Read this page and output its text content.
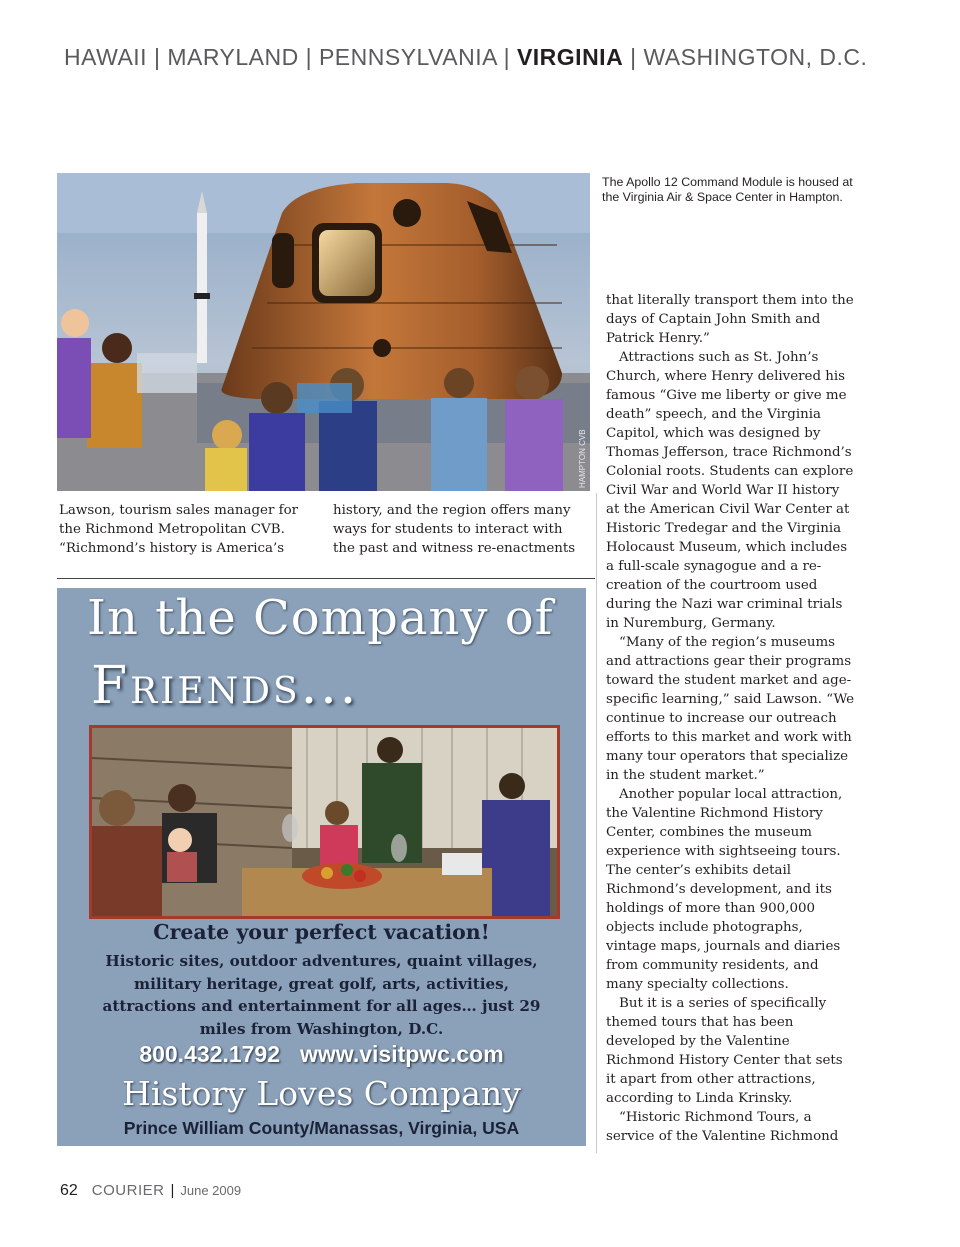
HAWAII | MARYLAND | PENNSYLVANIA | VIRGINIA | WASHINGTON, D.C.
HAMPTON CVB
The Apollo 12 Command Module is housed at the Virginia Air & Space Center in Hampton.

Lawson, tourism sales manager for the Richmond Metropolitan CVB. “Richmond’s history is America’s

history, and the region offers many ways for students to interact with the past and witness re-enactments

that literally transport them into the days of Captain John Smith and Patrick Henry.”

Attractions such as St. John’s Church, where Henry delivered his famous “Give me liberty or give me death” speech, and the Virginia Capitol, which was designed by Thomas Jefferson, trace Richmond’s Colonial roots. Students can explore Civil War and World War II history at the American Civil War Center at Historic Tredegar and the Virginia Holocaust Museum, which includes a full-scale synagogue and a re-creation of the courtroom used during the Nazi war criminal trials in Nuremburg, Germany.

“Many of the region’s museums and attractions gear their programs toward the student market and age-specific learning,” said Lawson. “We continue to increase our outreach efforts to this market and work with many tour operators that specialize in the student market.”

Another popular local attraction, the Valentine Richmond History Center, combines the museum experience with sightseeing tours. The center’s exhibits detail Richmond’s development, and its holdings of more than 900,000 objects include photographs, vintage maps, journals and diaries from community residents, and many specialty collections.

But it is a series of specifically themed tours that has been developed by the Valentine Richmond History Center that sets it apart from other attractions, according to Linda Krinsky.

“Historic Richmond Tours, a service of the Valentine Richmond

In the Company of
Friends...
Create your perfect vacation!
Historic sites, outdoor adventures, quaint villages, military heritage, great golf, arts, activities, attractions and entertainment for all ages… just 29 miles from Washington, D.C.
800.432.1792 www.visitpwc.com
History Loves Company
Prince William County/Manassas, Virginia, USA
62 COURIER | June 2009
